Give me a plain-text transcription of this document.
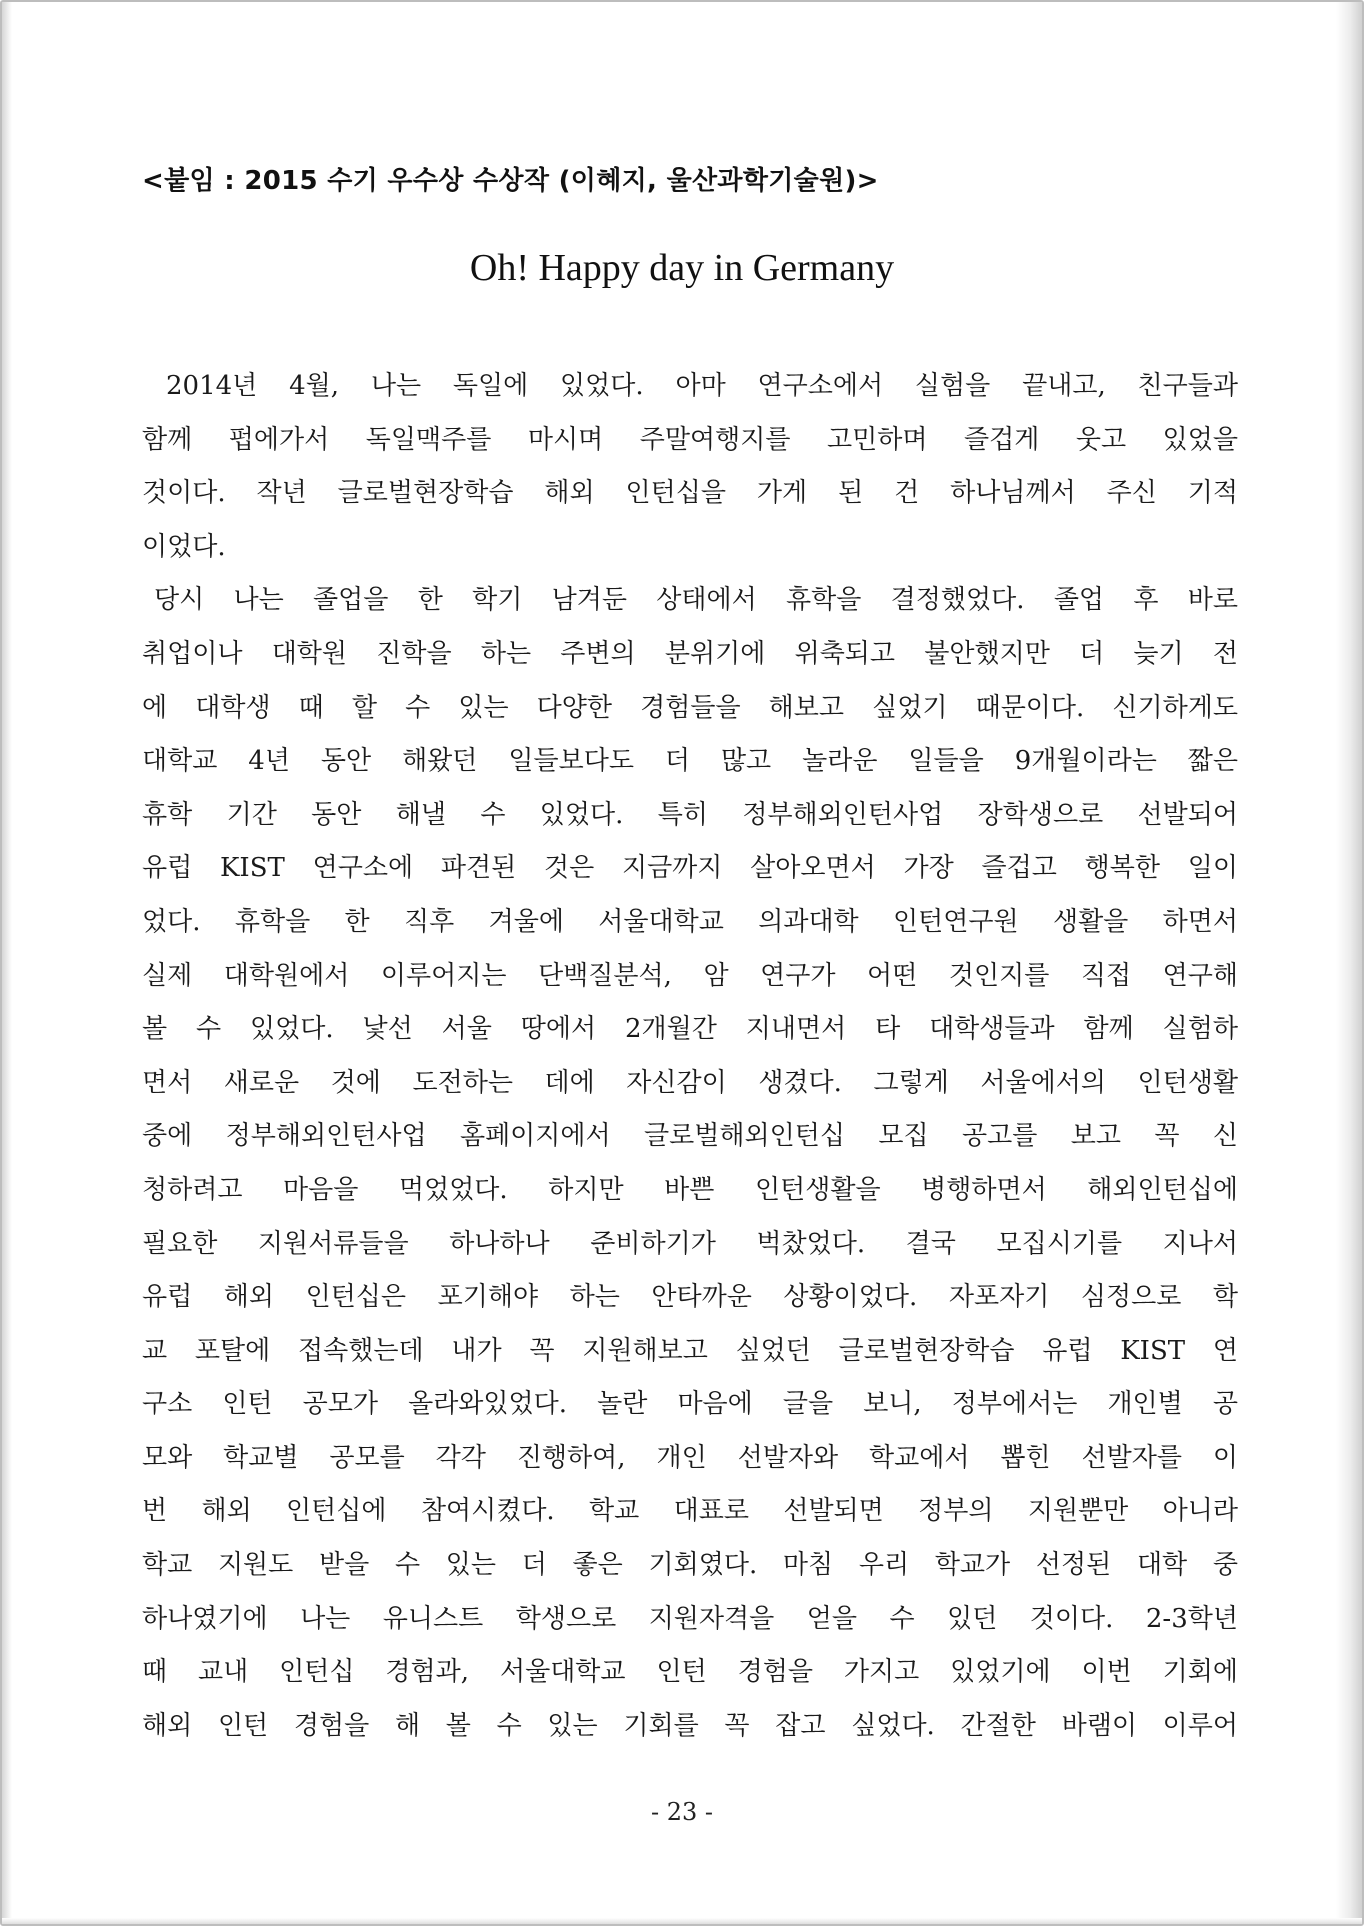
<붙임 : 2015 수기 우수상 수상작 (이혜지, 울산과학기술원)>
Oh! Happy day in Germany
2014년 4월, 나는 독일에 있었다. 아마 연구소에서 실험을 끝내고, 친구들과
함께 펍에가서 독일맥주를 마시며 주말여행지를 고민하며 즐겁게 웃고 있었을
것이다. 작년 글로벌현장학습 해외 인턴십을 가게 된 건 하나님께서 주신 기적
이었다.
당시 나는 졸업을 한 학기 남겨둔 상태에서 휴학을 결정했었다. 졸업 후 바로
취업이나 대학원 진학을 하는 주변의 분위기에 위축되고 불안했지만 더 늦기 전
에 대학생 때 할 수 있는 다양한 경험들을 해보고 싶었기 때문이다. 신기하게도
대학교 4년 동안 해왔던 일들보다도 더 많고 놀라운 일들을 9개월이라는 짧은
휴학 기간 동안 해낼 수 있었다. 특히 정부해외인턴사업 장학생으로 선발되어
유럽 KIST 연구소에 파견된 것은 지금까지 살아오면서 가장 즐겁고 행복한 일이
었다. 휴학을 한 직후 겨울에 서울대학교 의과대학 인턴연구원 생활을 하면서
실제 대학원에서 이루어지는 단백질분석, 암 연구가 어떤 것인지를 직접 연구해
볼 수 있었다. 낯선 서울 땅에서 2개월간 지내면서 타 대학생들과 함께 실험하
면서 새로운 것에 도전하는 데에 자신감이 생겼다. 그렇게 서울에서의 인턴생활
중에 정부해외인턴사업 홈페이지에서 글로벌해외인턴십 모집 공고를 보고 꼭 신
청하려고 마음을 먹었었다. 하지만 바쁜 인턴생활을 병행하면서 해외인턴십에
필요한 지원서류들을 하나하나 준비하기가 벅찼었다. 결국 모집시기를 지나서
유럽 해외 인턴십은 포기해야 하는 안타까운 상황이었다. 자포자기 심정으로 학
교 포탈에 접속했는데 내가 꼭 지원해보고 싶었던 글로벌현장학습 유럽 KIST 연
구소 인턴 공모가 올라와있었다. 놀란 마음에 글을 보니, 정부에서는 개인별 공
모와 학교별 공모를 각각 진행하여, 개인 선발자와 학교에서 뽑힌 선발자를 이
번 해외 인턴십에 참여시켰다. 학교 대표로 선발되면 정부의 지원뿐만 아니라
학교 지원도 받을 수 있는 더 좋은 기회였다. 마침 우리 학교가 선정된 대학 중
하나였기에 나는 유니스트 학생으로 지원자격을 얻을 수 있던 것이다. 2-3학년
때 교내 인턴십 경험과, 서울대학교 인턴 경험을 가지고 있었기에 이번 기회에
해외 인턴 경험을 해 볼 수 있는 기회를 꼭 잡고 싶었다. 간절한 바램이 이루어
- 23 -
